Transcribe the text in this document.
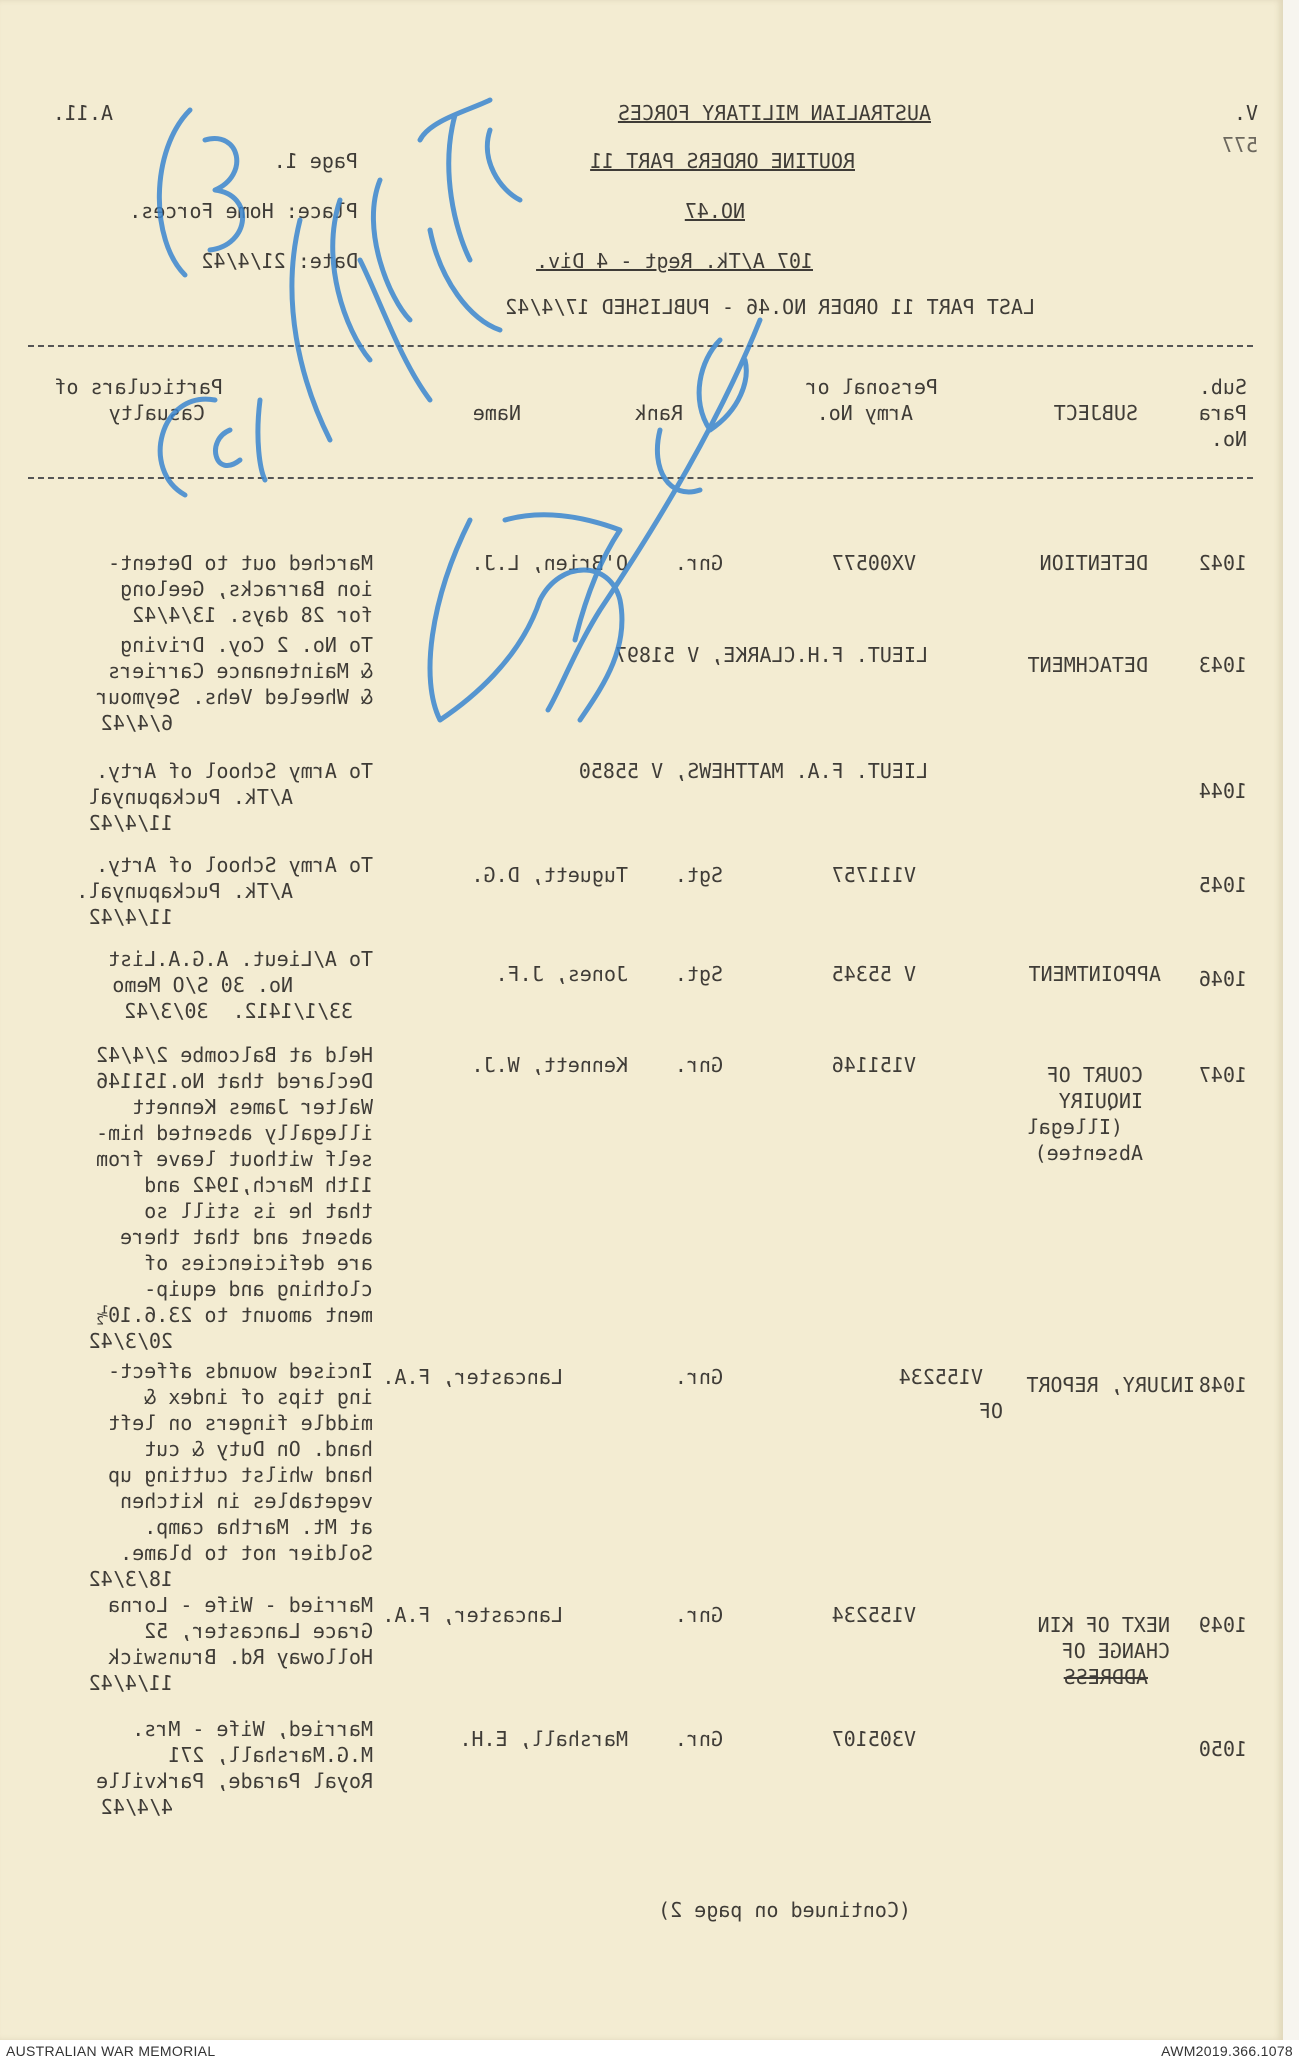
V.
577
A.11.	AUSTRALIAN MILITARY FORCES
ROUTINE ORDERS PART 11
NO.47
107 A/Tk. Regt - 4 Div.
LAST PART 11 ORDER NO.46 - PUBLISHED 17/4/42
Page 1.
Place: Home Forces.
Date: 21/4/42
Sub.
Para
No.
SUBJECT
Personal or
Army No.
Rank
Name
Particulars of
Casualty
1042
DETENTION
VX00577
Gnr.
O'Brien, L.J.
Marched out to Detent-
ion Barracks, Geelong
for 28 days. 13/4/42
1043
DETACHMENT
LIEUT. F.H.CLARKE, V 51897
To No. 2 Coy. Driving
& Maintenance Carriers
& Wheeled Vehs. Seymour
6/4/42
1044
LIEUT. F.A. MATTHEWS, V 55850
To Army School of Arty.
A/Tk. Puckapunyal
11/4/42
1045
V111757
Sgt.
Tuguett, D.G.
To Army School of Arty.
A/Tk. Puckapunyal.
11/4/42
1046
APPOINTMENT
V 55345
Sgt.
Jones, J.F.
To A/Lieut. A.G.A.List
No. 30 S/O Memo
33/1/1412.  30/3/42
1047
COURT OF
INQUIRY
(Illegal
Absentee)
V151146
Gnr.
Kennett, W.J.
Held at Balcombe 2/4/42
Declared that No.151146
Walter James Kennett
illegally absented him-
self without leave from
11th March,1942 and
that he is still so
absent and that there
are deficiencies of
clothing and equip-
ment amount to 23.6.10½
20/3/42
1048
INJURY, REPORT
OF
V155234
Gnr.
Lancaster, F.A.
Incised wounds affect-
ing tips of index &
middle fingers on left
hand. On Duty & cut
hand whilst cutting up
vegetables in kitchen
at Mt. Martha camp.
Soldier not to blame.
18/3/42
1049
NEXT OF KIN
CHANGE OF
ADDRESS
V155234
Gnr.
Lancaster, F.A.
Married - Wife - Lorna
Grace Lancaster, 52
Holloway Rd. Brunswick
11/4/42
1050
V305107
Gnr.
Marshall, E.H.
Married, Wife - Mrs.
M.G.Marshall, 271
Royal Parade, Parkville
4/4/42
(Continued on page 2)
AUSTRALIAN WAR MEMORIAL	AWM2019.366.1078
